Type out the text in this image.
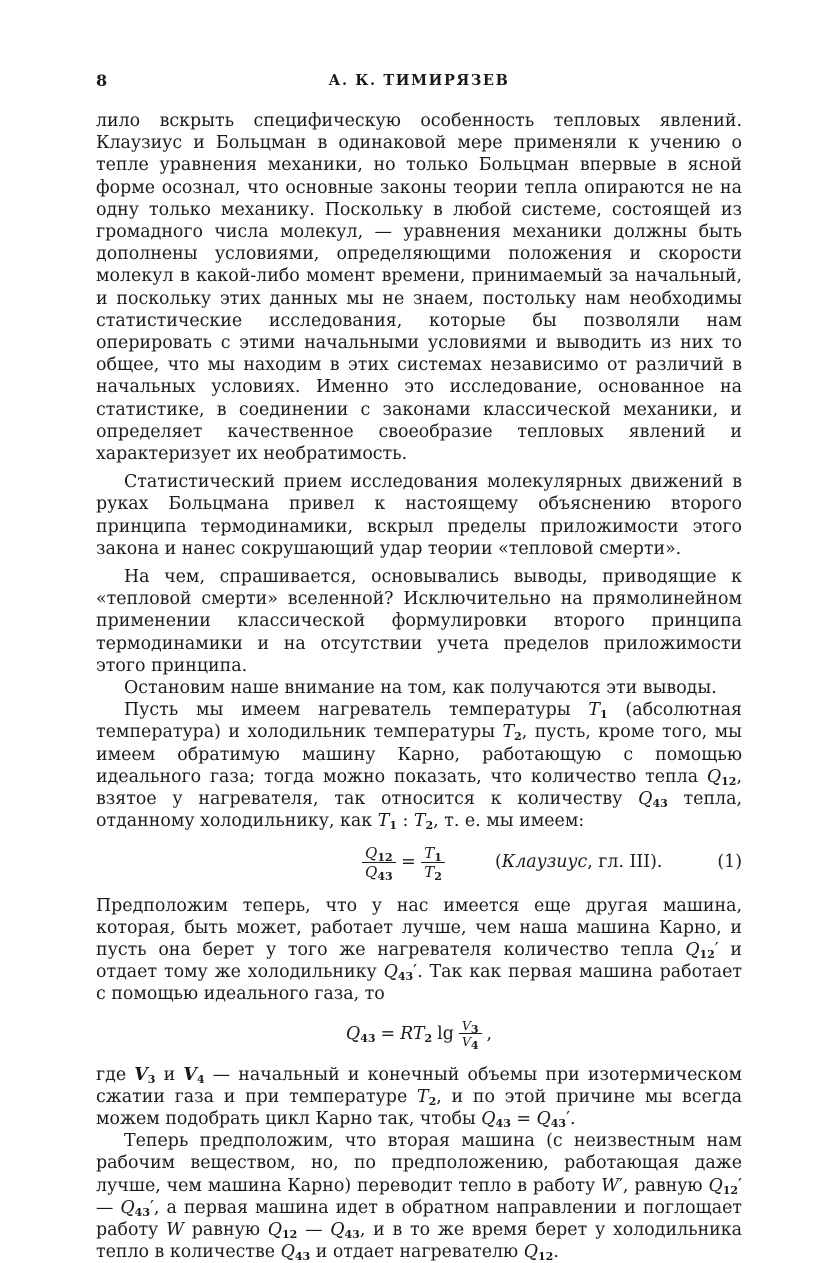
8	А. К. ТИМИРЯЗЕВ

лило вскрыть специфическую особенность тепловых явлений. Клаузиус и Больцман в одинаковой мере применяли к учению о тепле уравнения механики, но только Больцман впервые в ясной форме осознал, что основные законы теории тепла опираются не на одну только механику. Поскольку в любой системе, состоящей из громадного числа молекул, — уравнения механики должны быть дополнены условиями, определяющими положения и скорости молекул в какой-либо момент времени, принимаемый за начальный, и поскольку этих данных мы не знаем, постольку нам необходимы статистические исследования, которые бы позволяли нам оперировать с этими начальными условиями и выводить из них то общее, что мы находим в этих системах независимо от различий в начальных условиях. Именно это исследование, основанное на статистике, в соединении с законами классической механики, и определяет качественное своеобразие тепловых явлений и характеризует их необратимость.

Статистический прием исследования молекулярных движений в руках Больцмана привел к настоящему объяснению второго принципа термодинамики, вскрыл пределы приложимости этого закона и нанес сокрушающий удар теории «тепловой смерти».

На чем, спрашивается, основывались выводы, приводящие к «тепловой смерти» вселенной? Исключительно на прямолинейном применении классической формулировки второго принципа термодинамики и на отсутствии учета пределов приложимости этого принципа.

Остановим наше внимание на том, как получаются эти выводы.

Пусть мы имеем нагреватель температуры $T_1$ (абсолютная температура) и холодильник температуры $T_2$, пусть, кроме того, мы имеем обратимую машину Карно, работающую с помощью идеального газа; тогда можно показать, что количество тепла $Q_{12}$, взятое у нагревателя, так относится к количеству $Q_{43}$ тепла, отданному холодильнику, как $T_1$ : $T_2$, т. е. мы имеем:

$\frac{Q_{12}}{Q_{43}} = \frac{T_1}{T_2}$	(Клаузиус, гл. III).	(1)

Предположим теперь, что у нас имеется еще другая машина, которая, быть может, работает лучше, чем наша машина Карно, и пусть она берет у того же нагревателя количество тепла $Q_{12}'$ и отдает тому же холодильнику $Q_{43}'$. Так как первая машина работает с помощью идеального газа, то

$Q_{43} = RT_2$ $\lg \frac{V_3}{V_4}$ ,

где $V_3$ и $V_4$ — начальный и конечный объемы при изотермическом сжатии газа и при температуре $T_2$, и по этой причине мы всегда можем подобрать цикл Карно так, чтобы $Q_{43} = Q_{43}'$.

Теперь предположим, что вторая машина (с неизвестным нам рабочим веществом, но, по предположению, работающая даже лучше, чем машина Карно) переводит тепло в работу W′, равную $Q_{12}'$ — $Q_{43}'$, а первая машина идет в обратном направлении и поглощает работу W равную $Q_{12}$ — $Q_{43}$, и в то же время берет у холодильника тепло в количестве $Q_{43}$ и отдает нагревателю $Q_{12}$.
